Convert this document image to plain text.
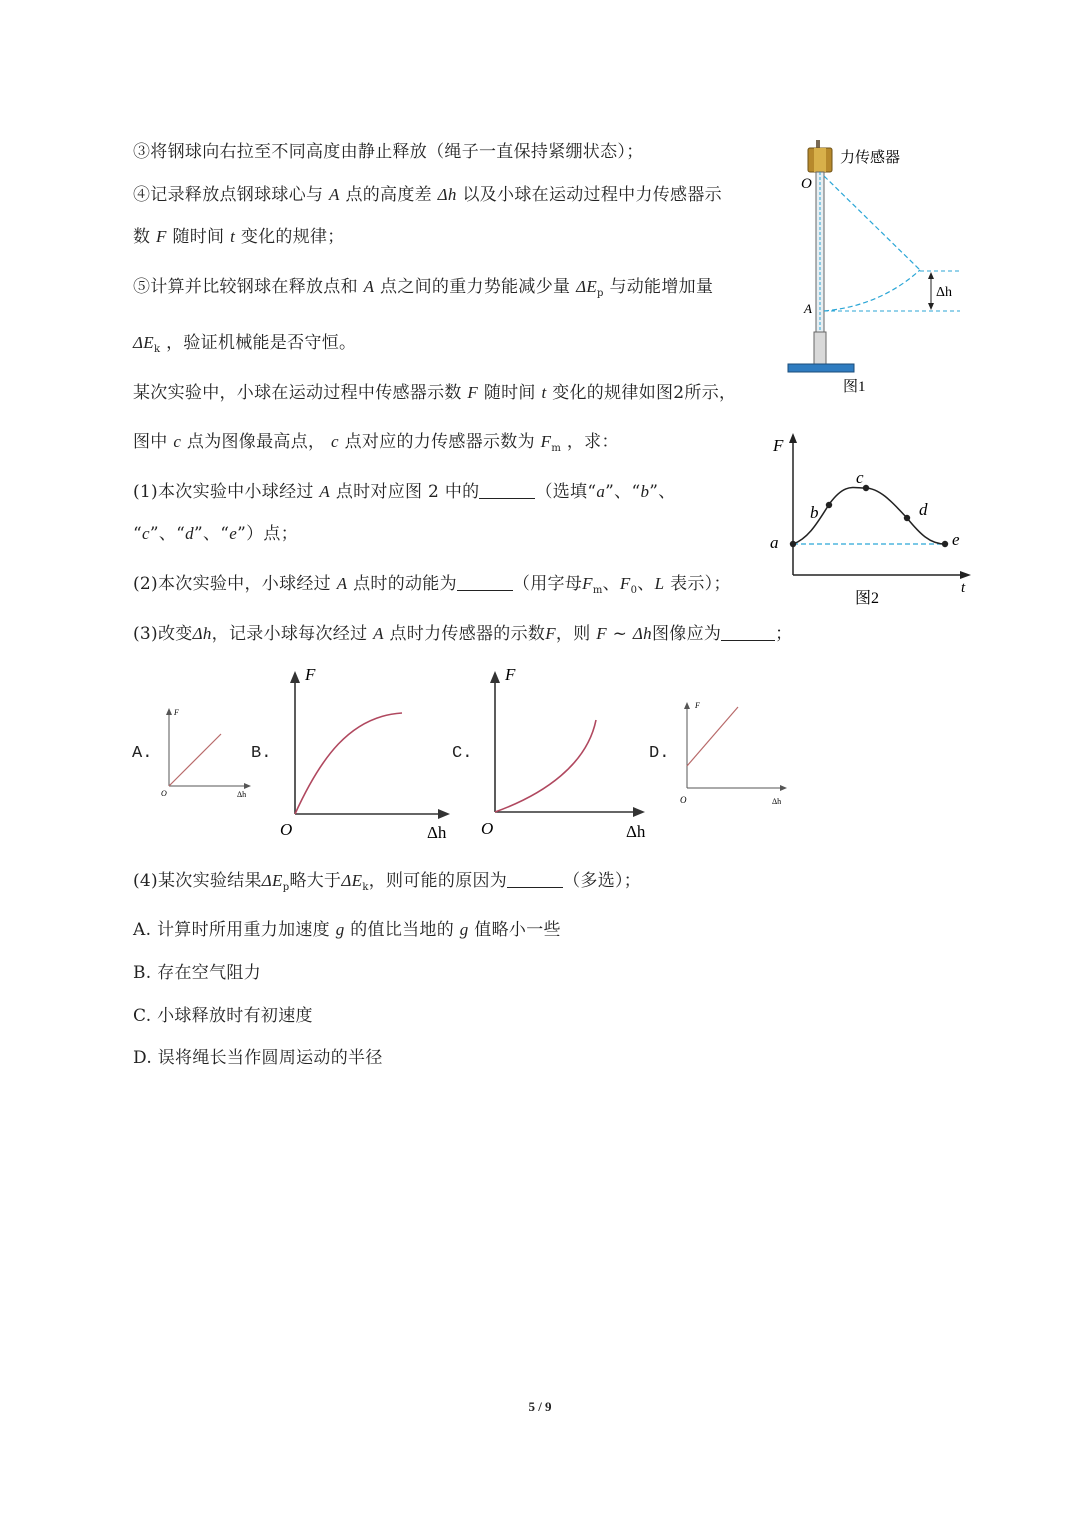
③将钢球向右拉至不同高度由静止释放（绳子一直保持紧绷状态）；
④记录释放点钢球球心与 A 点的高度差 Δh 以及小球在运动过程中力传感器示
数 F 随时间 t 变化的规律；
⑤计算并比较钢球在释放点和 A 点之间的重力势能减少量 $\Delta E_p$ 与动能增加量
$\Delta E_k$ ，验证机械能是否守恒。
某次实验中，小球在运动过程中传感器示数 F 随时间 t 变化的规律如图2所示，
图中 c 点为图像最高点， c 点对应的力传感器示数为 $F_m$ ，求：
(1)本次实验中小球经过 A 点时对应图 2 中的	（选填“a”、“b”、
“c”、“d”、“e”）点；
(2)本次实验中，小球经过 A 点时的动能为	（用字母$F_m$、$F_0$、L 表示）；
(3)改变Δh，记录小球每次经过 A 点时力传感器的示数F，则 F ~ Δh图像应为	；
A.
F
O	Δh
B.
F
O	Δh
C.
F
O	Δh
D.
F
O	Δh
(4)某次实验结果$\Delta E_p$略大于$\Delta E_k$，则可能的原因为	（多选）；
A. 计算时所用重力加速度 g 的值比当地的 g 值略小一些
B. 存在空气阻力
C. 小球释放时有初速度
D. 误将绳长当作圆周运动的半径
Δh
力传感器
O
A
图1
F
t
a
b
c
d
e
图2
5 / 9
